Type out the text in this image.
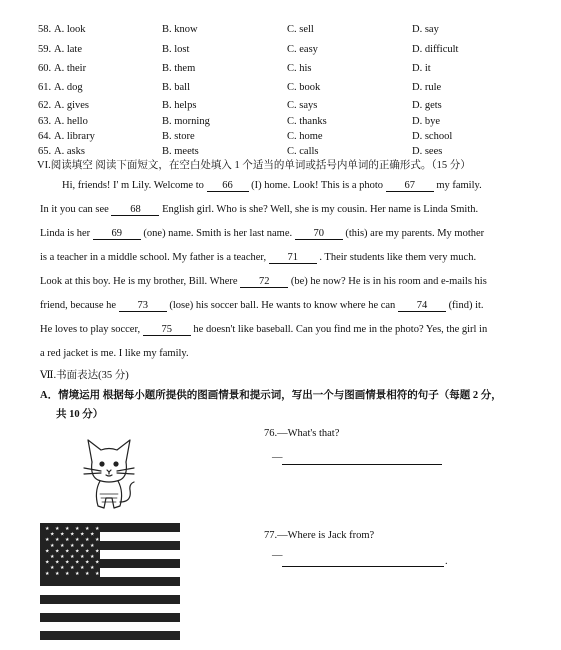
58. A. look	B. know	C. sell	D. say
59. A. late	B. lost	C. easy	D. difficult
60. A. their	B. them	C. his	D. it
61. A. dog	B. ball	C. book	D. rule
62. A. gives	B. helps	C. says	D. gets
63. A. hello	B. morning	C. thanks	D. bye
64. A. library	B. store	C. home	D. school
65. A. asks	B. meets	C. calls	D. sees
VI.阅读填空 阅读下面短文，在空白处填入 1 个适当的单词或括号内单词的正确形式。（15 分）
Hi, friends! I' m Lily. Welcome to 66 (I) home. Look! This is a photo 67 my family.
In it you can see 68 English girl. Who is she? Well, she is my cousin. Her name is Linda Smith.
Linda is her 69 (one) name. Smith is her last name. 70 (this) are my parents. My mother
is a teacher in a middle school. My father is a teacher, 71 . Their students like them very much.
Look at this boy. He is my brother, Bill. Where 72 (be) he now? He is in his room and e-mails his
friend, because he 73 (lose) his soccer ball. He wants to know where he can 74 (find) it.
He loves to play soccer, 75 he doesn't like baseball. Can you find me in the photo? Yes, the girl in
a red jacket is me. I like my family.
Ⅶ.书面表达(35 分)
A．情境运用 根据每小题所提供的图画情景和提示词，写出一个与图画情景相符的句子（每题 2 分，
共 10 分）
★ ★ ★ ★ ★ ★
★ ★ ★ ★ ★
★ ★ ★ ★ ★ ★
★ ★ ★ ★ ★
★ ★ ★ ★ ★ ★
★ ★ ★ ★ ★
★ ★ ★ ★ ★ ★
★ ★ ★ ★ ★
★ ★ ★ ★ ★ ★
76.—What's that?
—
77.—Where is Jack from?
—
.
